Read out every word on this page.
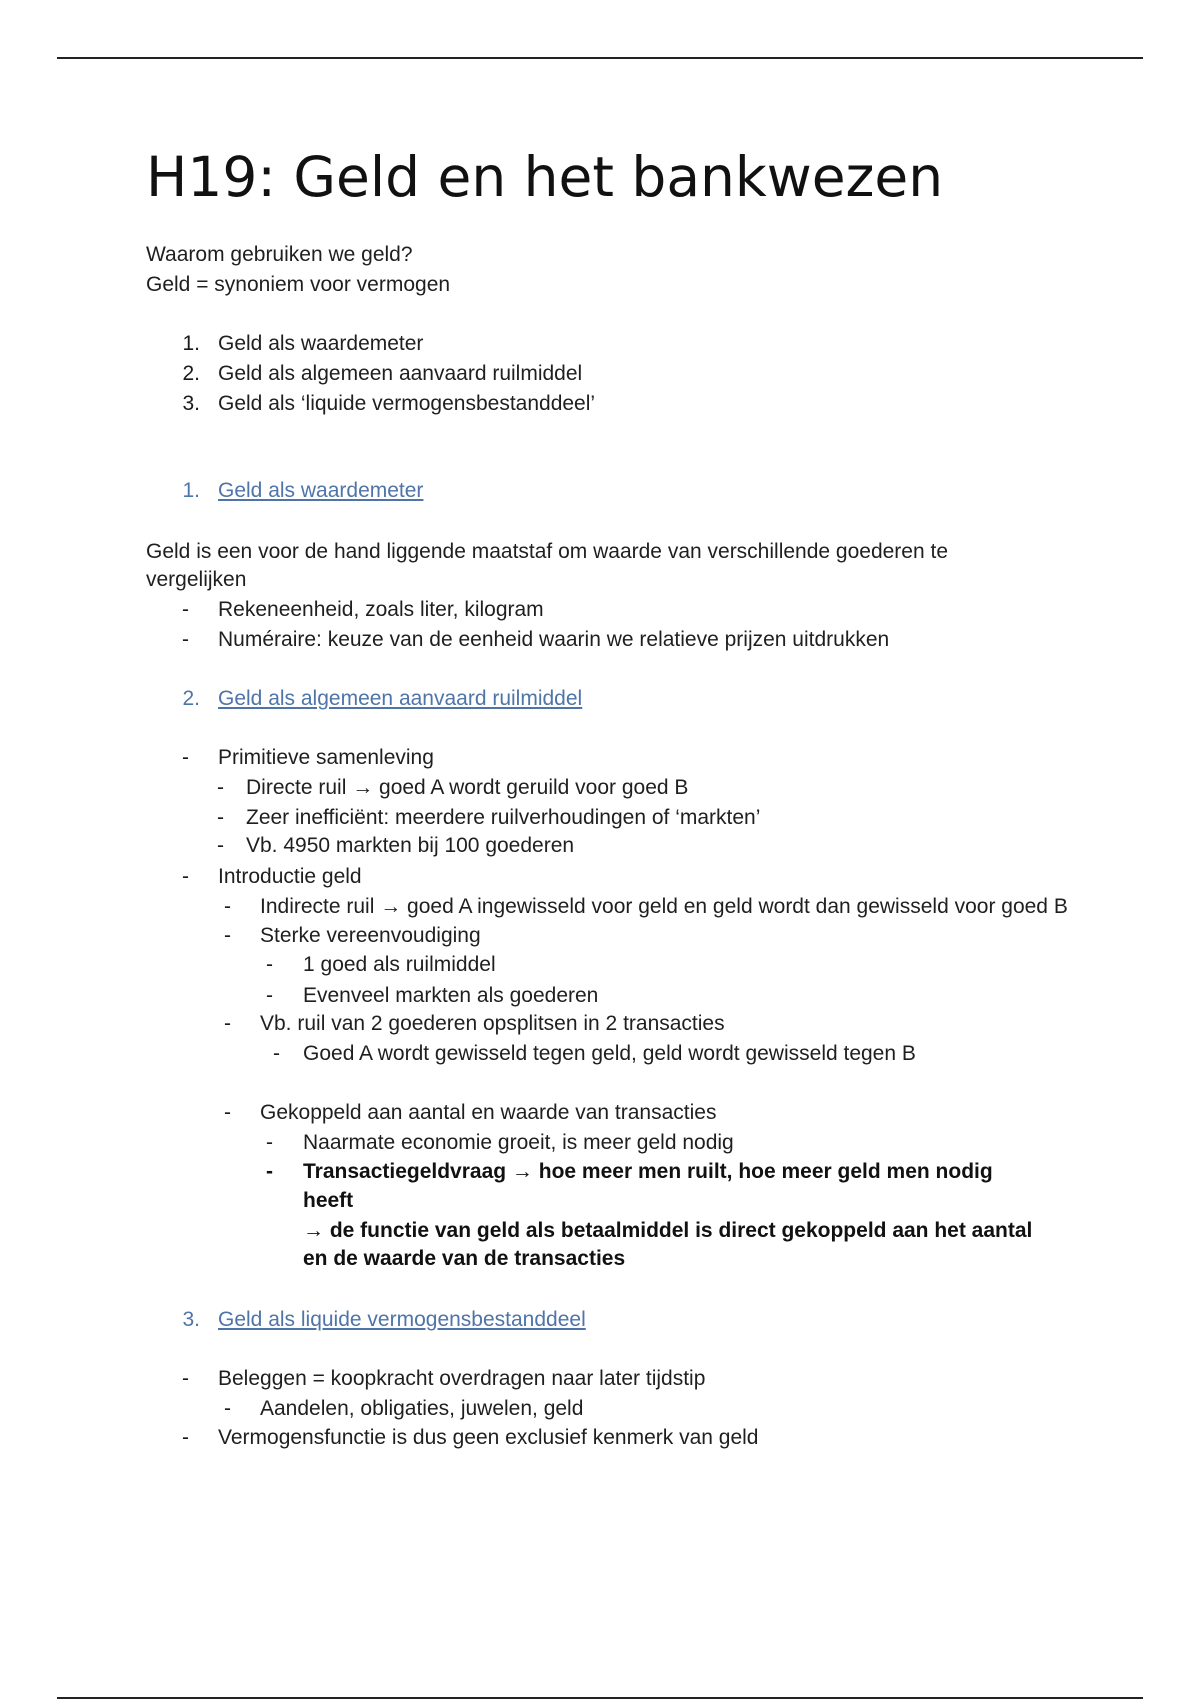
H19: Geld en het bankwezen
Waarom gebruiken we geld?
Geld = synoniem voor vermogen
1. Geld als waardemeter
2. Geld als algemeen aanvaard ruilmiddel
3. Geld als ‘liquide vermogensbestanddeel’
1. Geld als waardemeter
Geld is een voor de hand liggende maatstaf om waarde van verschillende goederen te
vergelijken
- Rekeneenheid, zoals liter, kilogram
- Numéraire: keuze van de eenheid waarin we relatieve prijzen uitdrukken
2. Geld als algemeen aanvaard ruilmiddel
- Primitieve samenleving
- Directe ruil → goed A wordt geruild voor goed B
- Zeer inefficiënt: meerdere ruilverhoudingen of ‘markten’
- Vb. 4950 markten bij 100 goederen
- Introductie geld
- Indirecte ruil → goed A ingewisseld voor geld en geld wordt dan gewisseld voor goed B
- Sterke vereenvoudiging
- 1 goed als ruilmiddel
- Evenveel markten als goederen
- Vb. ruil van 2 goederen opsplitsen in 2 transacties
- Goed A wordt gewisseld tegen geld, geld wordt gewisseld tegen B
- Gekoppeld aan aantal en waarde van transacties
- Naarmate economie groeit, is meer geld nodig
- Transactiegeldvraag → hoe meer men ruilt, hoe meer geld men nodig
heeft
→ de functie van geld als betaalmiddel is direct gekoppeld aan het aantal
en de waarde van de transacties
3. Geld als liquide vermogensbestanddeel
- Beleggen = koopkracht overdragen naar later tijdstip
- Aandelen, obligaties, juwelen, geld
- Vermogensfunctie is dus geen exclusief kenmerk van geld
